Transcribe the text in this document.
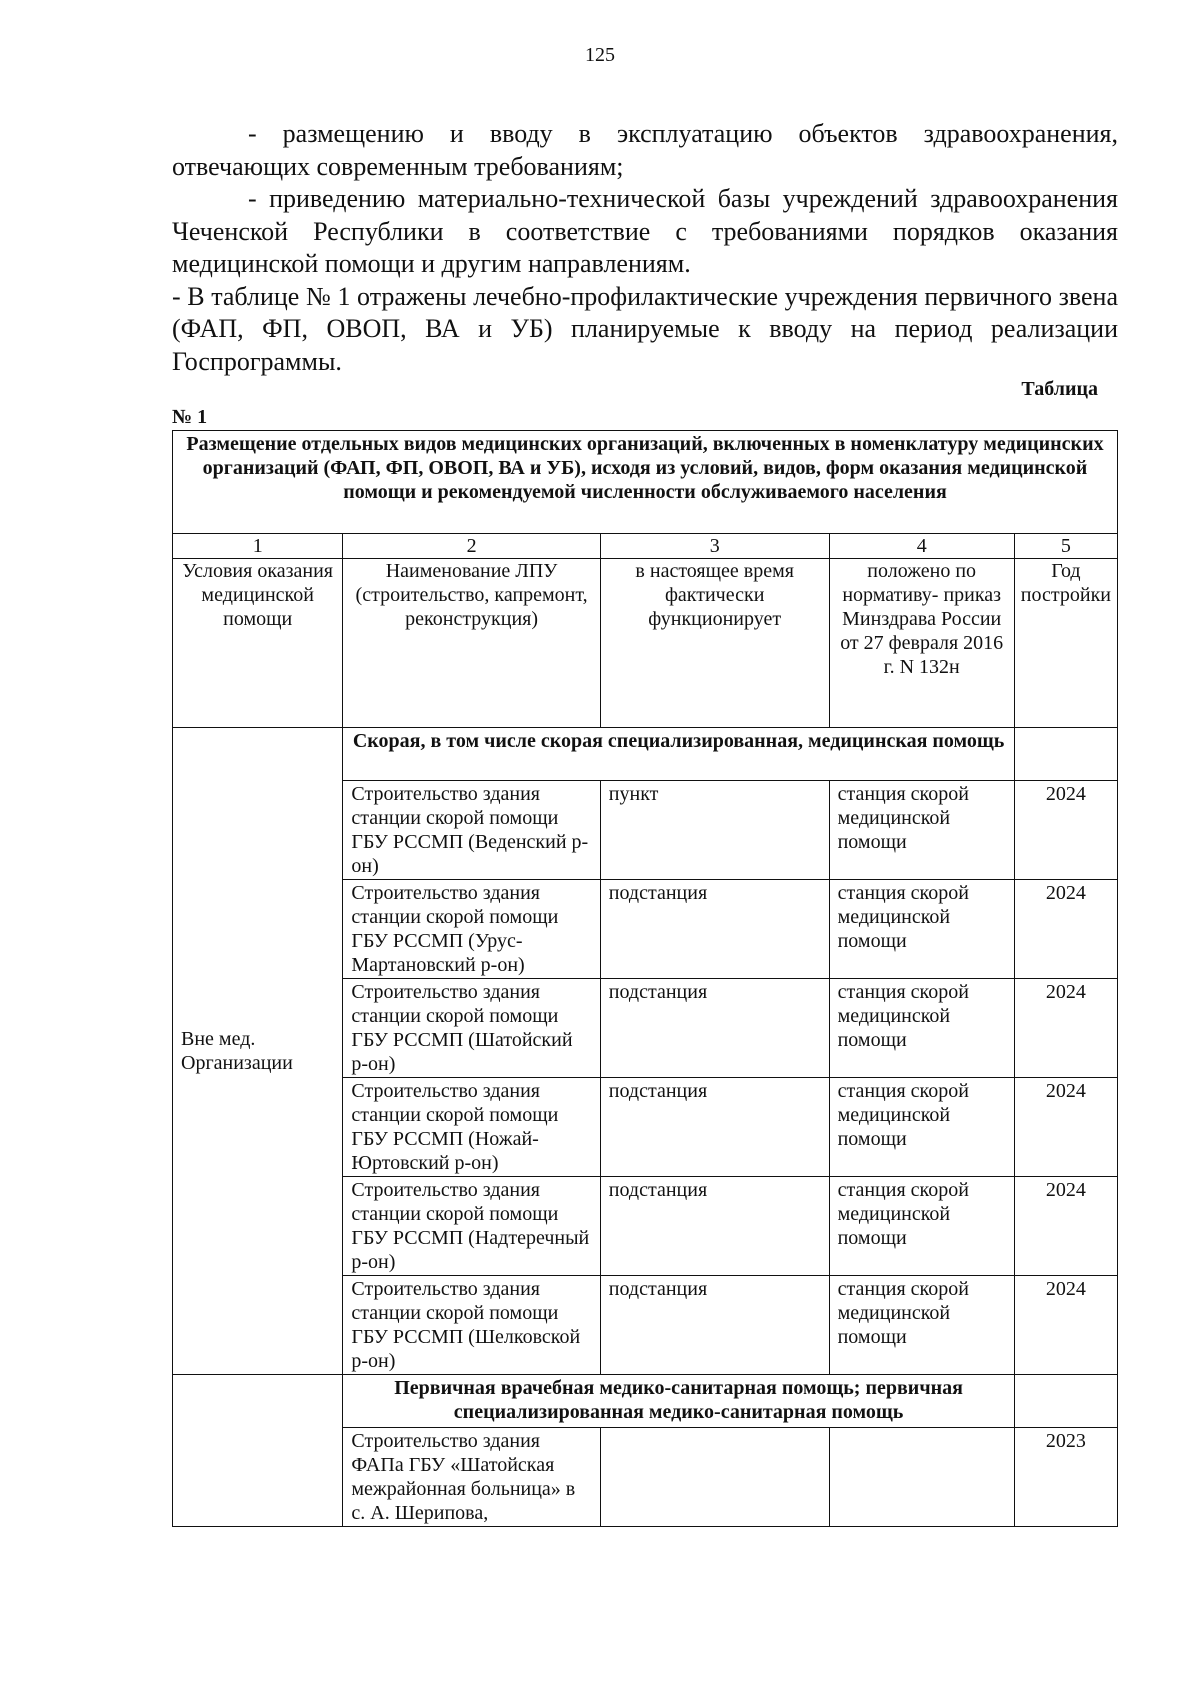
125

- размещению и вводу в эксплуатацию объектов здравоохранения, отвечающих современным требованиям;

- приведению материально-технической базы учреждений здравоохранения Чеченской Республики в соответствие с требованиями порядков оказания медицинской помощи и другим направлениям.

- В таблице № 1 отражены лечебно-профилактические учреждения первичного звена (ФАП, ФП, ОВОП, ВА и УБ) планируемые к вводу на период реализации Госпрограммы.

Таблица
№ 1
Размещение отдельных видов медицинских организаций, включенных в номенклатуру медицинских организаций (ФАП, ФП, ОВОП, ВА и УБ), исходя из условий, видов, форм оказания медицинской помощи и рекомендуемой численности обслуживаемого населения				
1	2	3	4	5
Условия оказания медицинской помощи	Наименование ЛПУ (строительство, капремонт, реконструкция)	в настоящее время фактически функционирует	положено по нормативу- приказ Минздрава России от 27 февраля 2016 г. N 132н	Год постройки
Вне мед. Организации	Скорая, в том числе скорая специализированная, медицинская помощь			
	Строительство здания станции скорой помощи ГБУ РССМП (Веденский р-он)	пункт	станция скорой медицинской помощи	2024
	Строительство здания станции скорой помощи ГБУ РССМП (Урус-Мартановский р-он)	подстанция	станция скорой медицинской помощи	2024
	Строительство здания станции скорой помощи ГБУ РССМП (Шатойский р-он)	подстанция	станция скорой медицинской помощи	2024
	Строительство здания станции скорой помощи ГБУ РССМП (Ножай-Юртовский р-он)	подстанция	станция скорой медицинской помощи	2024
	Строительство здания станции скорой помощи ГБУ РССМП (Надтеречный р-он)	подстанция	станция скорой медицинской помощи	2024
	Строительство здания станции скорой помощи ГБУ РССМП (Шелковской р-он)	подстанция	станция скорой медицинской помощи	2024
	Первичная врачебная медико-санитарная помощь; первичная специализированная медико-санитарная помощь			
	Строительство здания ФАПа ГБУ «Шатойская межрайонная больница» в с. А. Шерипова,			2023
